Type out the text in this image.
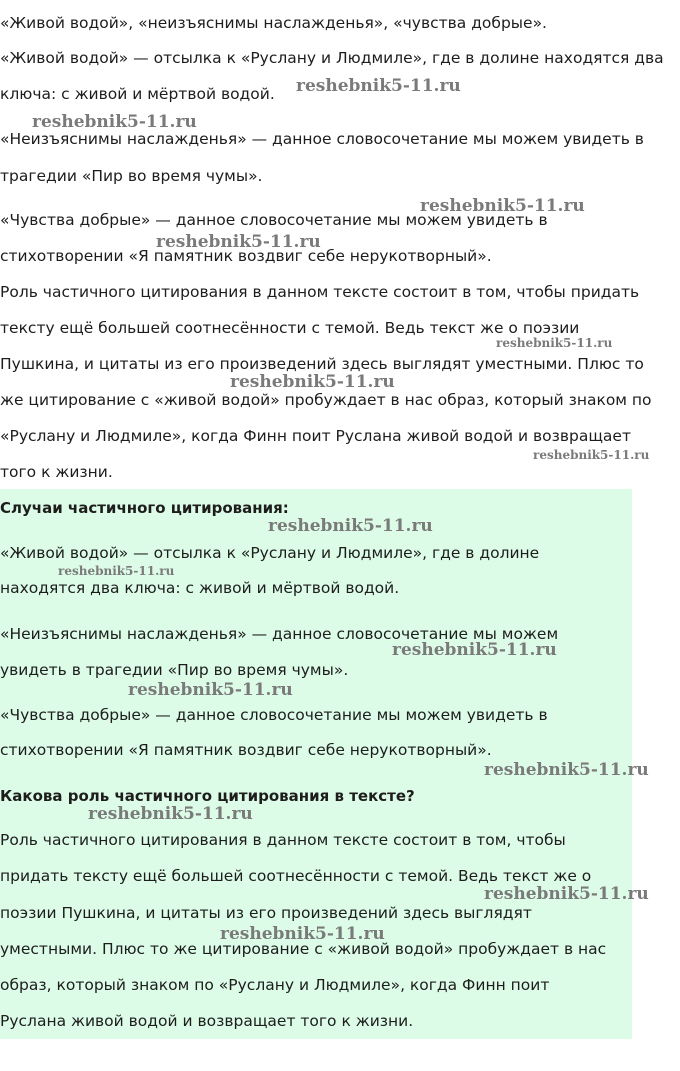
«Живой водой», «неизъяснимы наслажденья», «чувства добрые».

«Живой водой» — отсылка к «Руслану и Людмиле», где в долине находятся два

ключа: с живой и мёртвой водой.

«Неизъяснимы наслажденья» — данное словосочетание мы можем увидеть в

трагедии «Пир во время чумы».

«Чувства добрые» — данное словосочетание мы можем увидеть в

стихотворении «Я памятник воздвиг себе нерукотворный».

Роль частичного цитирования в данном тексте состоит в том, чтобы придать

тексту ещё большей соотнесённости с темой. Ведь текст же о поэзии

Пушкина, и цитаты из его произведений здесь выглядят уместными. Плюс то

же цитирование с «живой водой» пробуждает в нас образ, который знаком по

«Руслану и Людмиле», когда Финн поит Руслана живой водой и возвращает

того к жизни.

Случаи частичного цитирования:

«Живой водой» — отсылка к «Руслану и Людмиле», где в долине

находятся два ключа: с живой и мёртвой водой.

«Неизъяснимы наслажденья» — данное словосочетание мы можем

увидеть в трагедии «Пир во время чумы».

«Чувства добрые» — данное словосочетание мы можем увидеть в

стихотворении «Я памятник воздвиг себе нерукотворный».

Какова роль частичного цитирования в тексте?

Роль частичного цитирования в данном тексте состоит в том, чтобы

придать тексту ещё большей соотнесённости с темой. Ведь текст же о

поэзии Пушкина, и цитаты из его произведений здесь выглядят

уместными. Плюс то же цитирование с «живой водой» пробуждает в нас

образ, который знаком по «Руслану и Людмиле», когда Финн поит

Руслана живой водой и возвращает того к жизни.

reshebnik5-11.ru
reshebnik5-11.ru
reshebnik5-11.ru
reshebnik5-11.ru
reshebnik5-11.ru
reshebnik5-11.ru
reshebnik5-11.ru
reshebnik5-11.ru
reshebnik5-11.ru
reshebnik5-11.ru
reshebnik5-11.ru
reshebnik5-11.ru
reshebnik5-11.ru
reshebnik5-11.ru
reshebnik5-11.ru
